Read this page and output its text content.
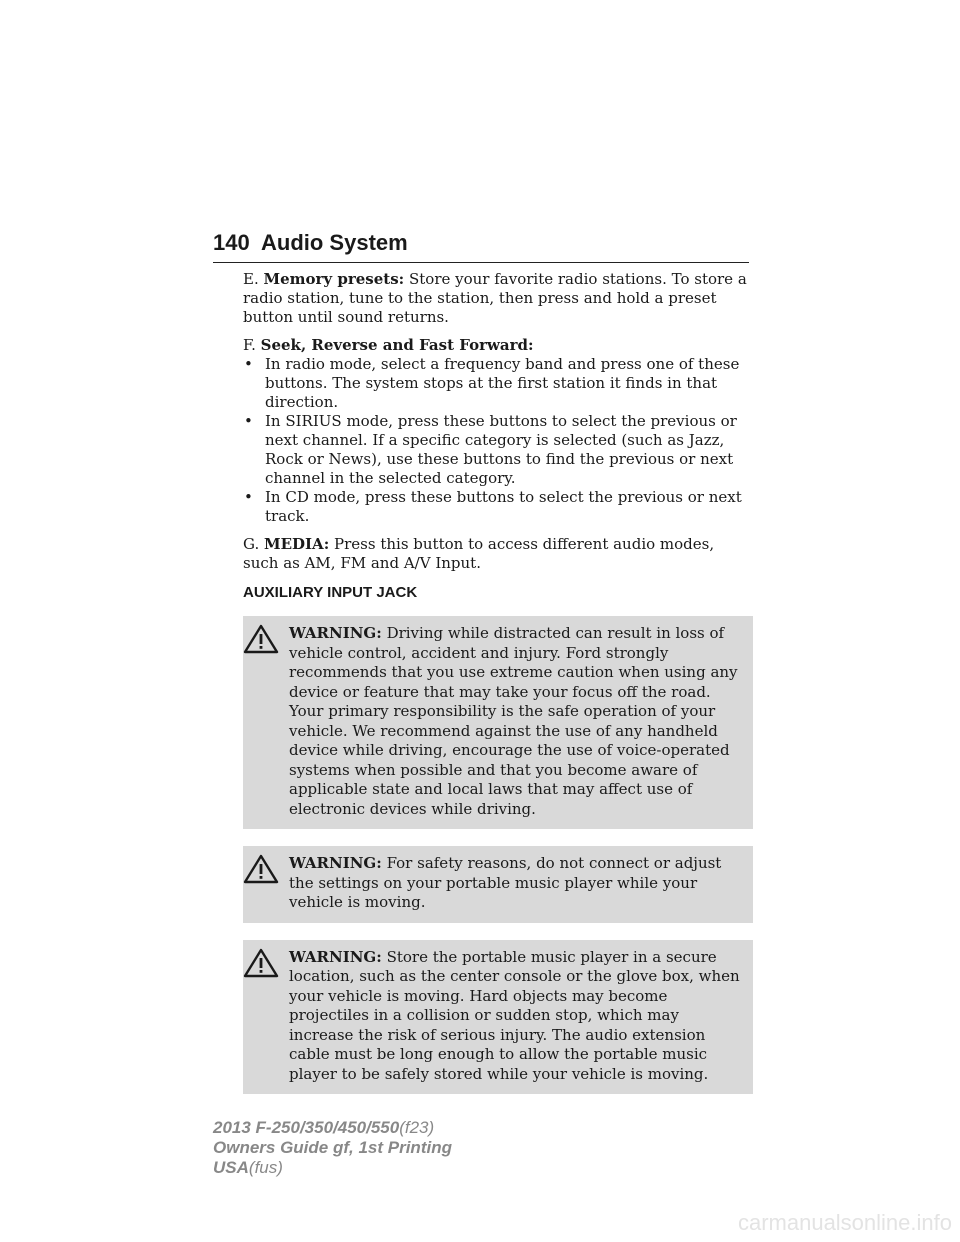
140 Audio System

E. Memory presets: Store your favorite radio stations. To store a radio station, tune to the station, then press and hold a preset button until sound returns.

F. Seek, Reverse and Fast Forward:

• In radio mode, select a frequency band and press one of these buttons. The system stops at the first station it finds in that direction.
• In SIRIUS mode, press these buttons to select the previous or next channel. If a specific category is selected (such as Jazz, Rock or News), use these buttons to find the previous or next channel in the selected category.
• In CD mode, press these buttons to select the previous or next track.

G. MEDIA: Press this button to access different audio modes, such as AM, FM and A/V Input.

AUXILIARY INPUT JACK
WARNING: Driving while distracted can result in loss of vehicle control, accident and injury. Ford strongly recommends that you use extreme caution when using any device or feature that may take your focus off the road. Your primary responsibility is the safe operation of your vehicle. We recommend against the use of any handheld device while driving, encourage the use of voice-operated systems when possible and that you become aware of applicable state and local laws that may affect use of electronic devices while driving.
WARNING: For safety reasons, do not connect or adjust the settings on your portable music player while your vehicle is moving.
WARNING: Store the portable music player in a secure location, such as the center console or the glove box, when your vehicle is moving. Hard objects may become projectiles in a collision or sudden stop, which may increase the risk of serious injury. The audio extension cable must be long enough to allow the portable music player to be safely stored while your vehicle is moving.
2013 F-250/350/450/550(f23)
Owners Guide gf, 1st Printing
USA(fus)
carmanualsonline.info
